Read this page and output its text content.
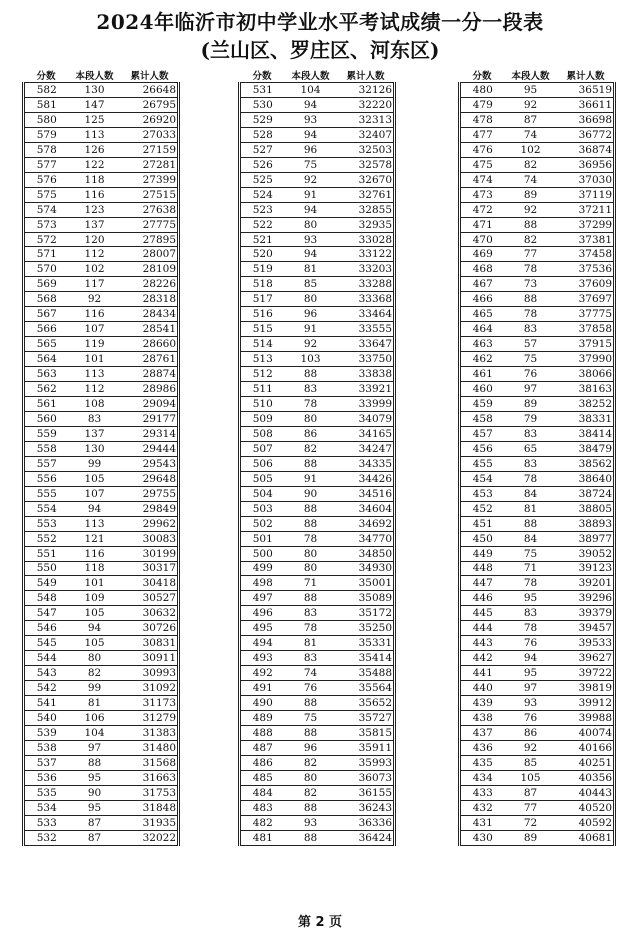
2024年临沂市初中学业水平考试成绩一分一段表
(兰山区、罗庄区、河东区)
分数	本段人数	累计人数
582	130	26648
581	147	26795
580	125	26920
579	113	27033
578	126	27159
577	122	27281
576	118	27399
575	116	27515
574	123	27638
573	137	27775
572	120	27895
571	112	28007
570	102	28109
569	117	28226
568	92	28318
567	116	28434
566	107	28541
565	119	28660
564	101	28761
563	113	28874
562	112	28986
561	108	29094
560	83	29177
559	137	29314
558	130	29444
557	99	29543
556	105	29648
555	107	29755
554	94	29849
553	113	29962
552	121	30083
551	116	30199
550	118	30317
549	101	30418
548	109	30527
547	105	30632
546	94	30726
545	105	30831
544	80	30911
543	82	30993
542	99	31092
541	81	31173
540	106	31279
539	104	31383
538	97	31480
537	88	31568
536	95	31663
535	90	31753
534	95	31848
533	87	31935
532	87	32022
分数	本段人数	累计人数
531	104	32126
530	94	32220
529	93	32313
528	94	32407
527	96	32503
526	75	32578
525	92	32670
524	91	32761
523	94	32855
522	80	32935
521	93	33028
520	94	33122
519	81	33203
518	85	33288
517	80	33368
516	96	33464
515	91	33555
514	92	33647
513	103	33750
512	88	33838
511	83	33921
510	78	33999
509	80	34079
508	86	34165
507	82	34247
506	88	34335
505	91	34426
504	90	34516
503	88	34604
502	88	34692
501	78	34770
500	80	34850
499	80	34930
498	71	35001
497	88	35089
496	83	35172
495	78	35250
494	81	35331
493	83	35414
492	74	35488
491	76	35564
490	88	35652
489	75	35727
488	88	35815
487	96	35911
486	82	35993
485	80	36073
484	82	36155
483	88	36243
482	93	36336
481	88	36424
分数	本段人数	累计人数
480	95	36519
479	92	36611
478	87	36698
477	74	36772
476	102	36874
475	82	36956
474	74	37030
473	89	37119
472	92	37211
471	88	37299
470	82	37381
469	77	37458
468	78	37536
467	73	37609
466	88	37697
465	78	37775
464	83	37858
463	57	37915
462	75	37990
461	76	38066
460	97	38163
459	89	38252
458	79	38331
457	83	38414
456	65	38479
455	83	38562
454	78	38640
453	84	38724
452	81	38805
451	88	38893
450	84	38977
449	75	39052
448	71	39123
447	78	39201
446	95	39296
445	83	39379
444	78	39457
443	76	39533
442	94	39627
441	95	39722
440	97	39819
439	93	39912
438	76	39988
437	86	40074
436	92	40166
435	85	40251
434	105	40356
433	87	40443
432	77	40520
431	72	40592
430	89	40681
第 2 页
